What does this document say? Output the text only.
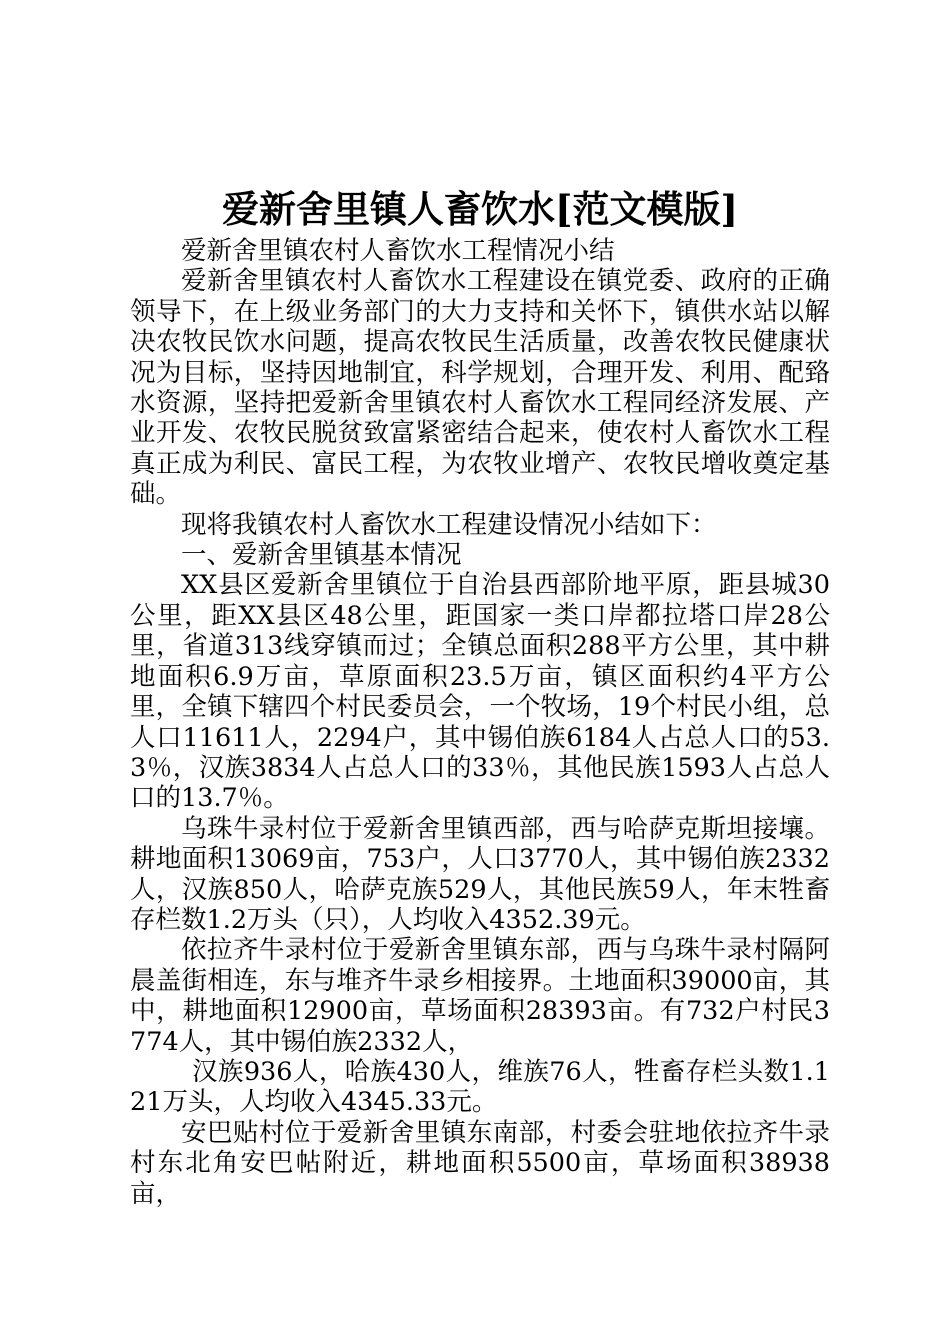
爱新舍里镇人畜饮水[范文模版]

爱新舍里镇农村人畜饮水工程情况小结

爱新舍里镇农村人畜饮水工程建设在镇党委、政府的正确领导下，在上级业务部门的大力支持和关怀下，镇供水站以解决农牧民饮水问题，提高农牧民生活质量，改善农牧民健康状况为目标，坚持因地制宜，科学规划，合理开发、利用、配臵水资源，坚持把爱新舍里镇农村人畜饮水工程同经济发展、产业开发、农牧民脱贫致富紧密结合起来，使农村人畜饮水工程真正成为利民、富民工程，为农牧业增产、农牧民增收奠定基础。

现将我镇农村人畜饮水工程建设情况小结如下：

一、爱新舍里镇基本情况

XX县区爱新舍里镇位于自治县西部阶地平原，距县城30公里，距XX县区48公里，距国家一类口岸都拉塔口岸28公里，省道313线穿镇而过；全镇总面积288平方公里，其中耕地面积6.9万亩，草原面积23.5万亩，镇区面积约4平方公里，全镇下辖四个村民委员会，一个牧场，19个村民小组，总人口11611人，2294户，其中锡伯族6184人占总人口的53.3％，汉族3834人占总人口的33％，其他民族1593人占总人口的13.7％。

乌珠牛录村位于爱新舍里镇西部，西与哈萨克斯坦接壤。耕地面积13069亩，753户，人口3770人，其中锡伯族2332人，汉族850人，哈萨克族529人，其他民族59人，年末牲畜存栏数1.2万头（只），人均收入4352.39元。

依拉齐牛录村位于爱新舍里镇东部，西与乌珠牛录村隔阿晨盖街相连，东与堆齐牛录乡相接界。土地面积39000亩，其中，耕地面积12900亩，草场面积28393亩。有732户村民3774人，其中锡伯族2332人，

汉族936人，哈族430人，维族76人，牲畜存栏头数1.121万头，人均收入4345.33元。

安巴贴村位于爱新舍里镇东南部，村委会驻地依拉齐牛录村东北角安巴帖附近，耕地面积5500亩，草场面积38938亩，
